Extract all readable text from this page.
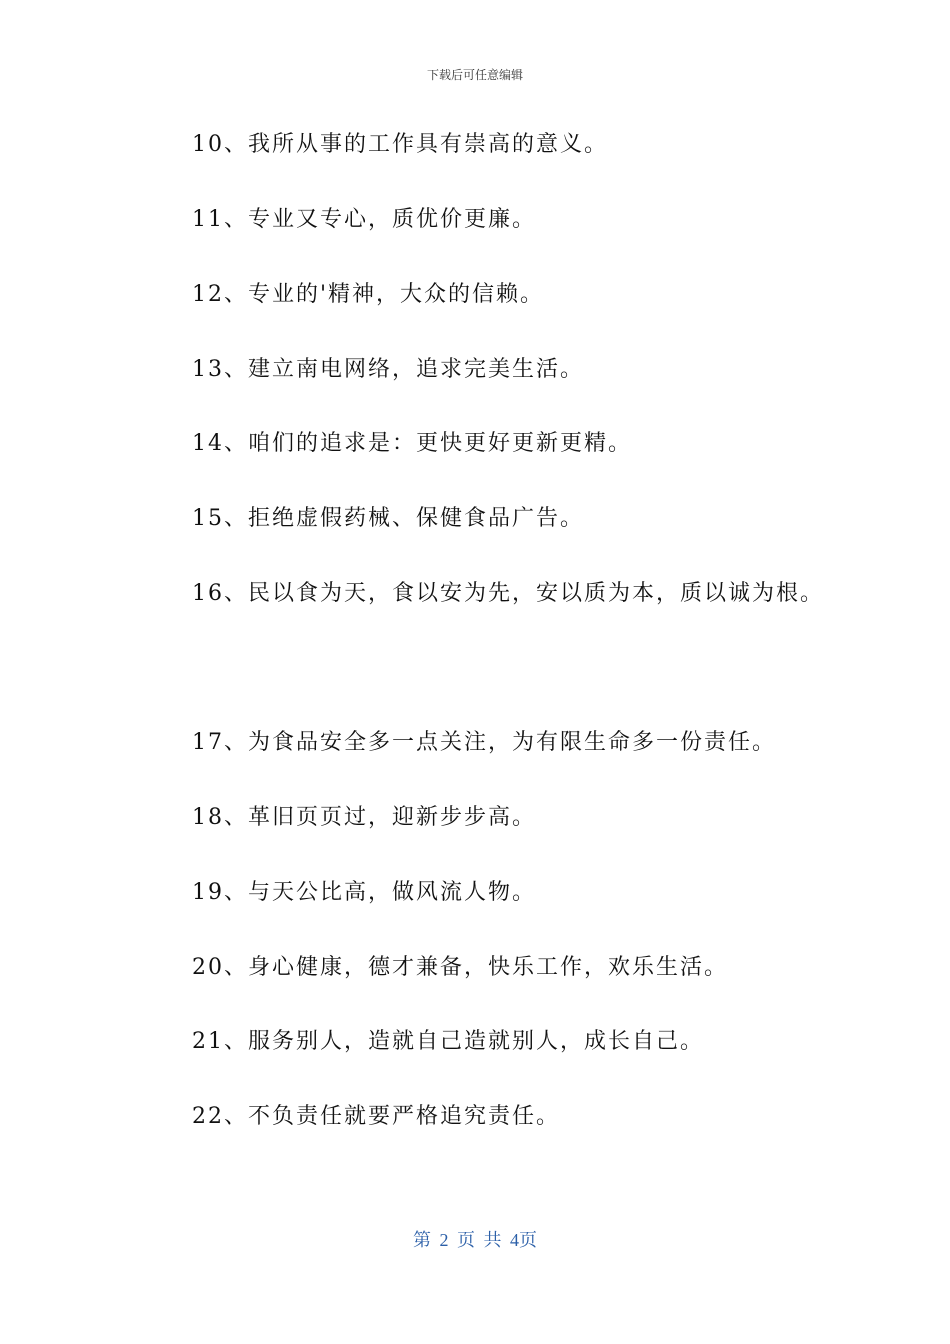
下载后可任意编辑
10、我所从事的工作具有崇高的意义。
11、专业又专心，质优价更廉。
12、专业的'精神，大众的信赖。
13、建立南电网络，追求完美生活。
14、咱们的追求是：更快更好更新更精。
15、拒绝虚假药械、保健食品广告。
16、民以食为天，食以安为先，安以质为本，质以诚为根。
17、为食品安全多一点关注，为有限生命多一份责任。
18、革旧页页过，迎新步步高。
19、与天公比高，做风流人物。
20、身心健康，德才兼备，快乐工作，欢乐生活。
21、服务别人，造就自己造就别人，成长自己。
22、不负责任就要严格追究责任。
第 2 页 共 4页
